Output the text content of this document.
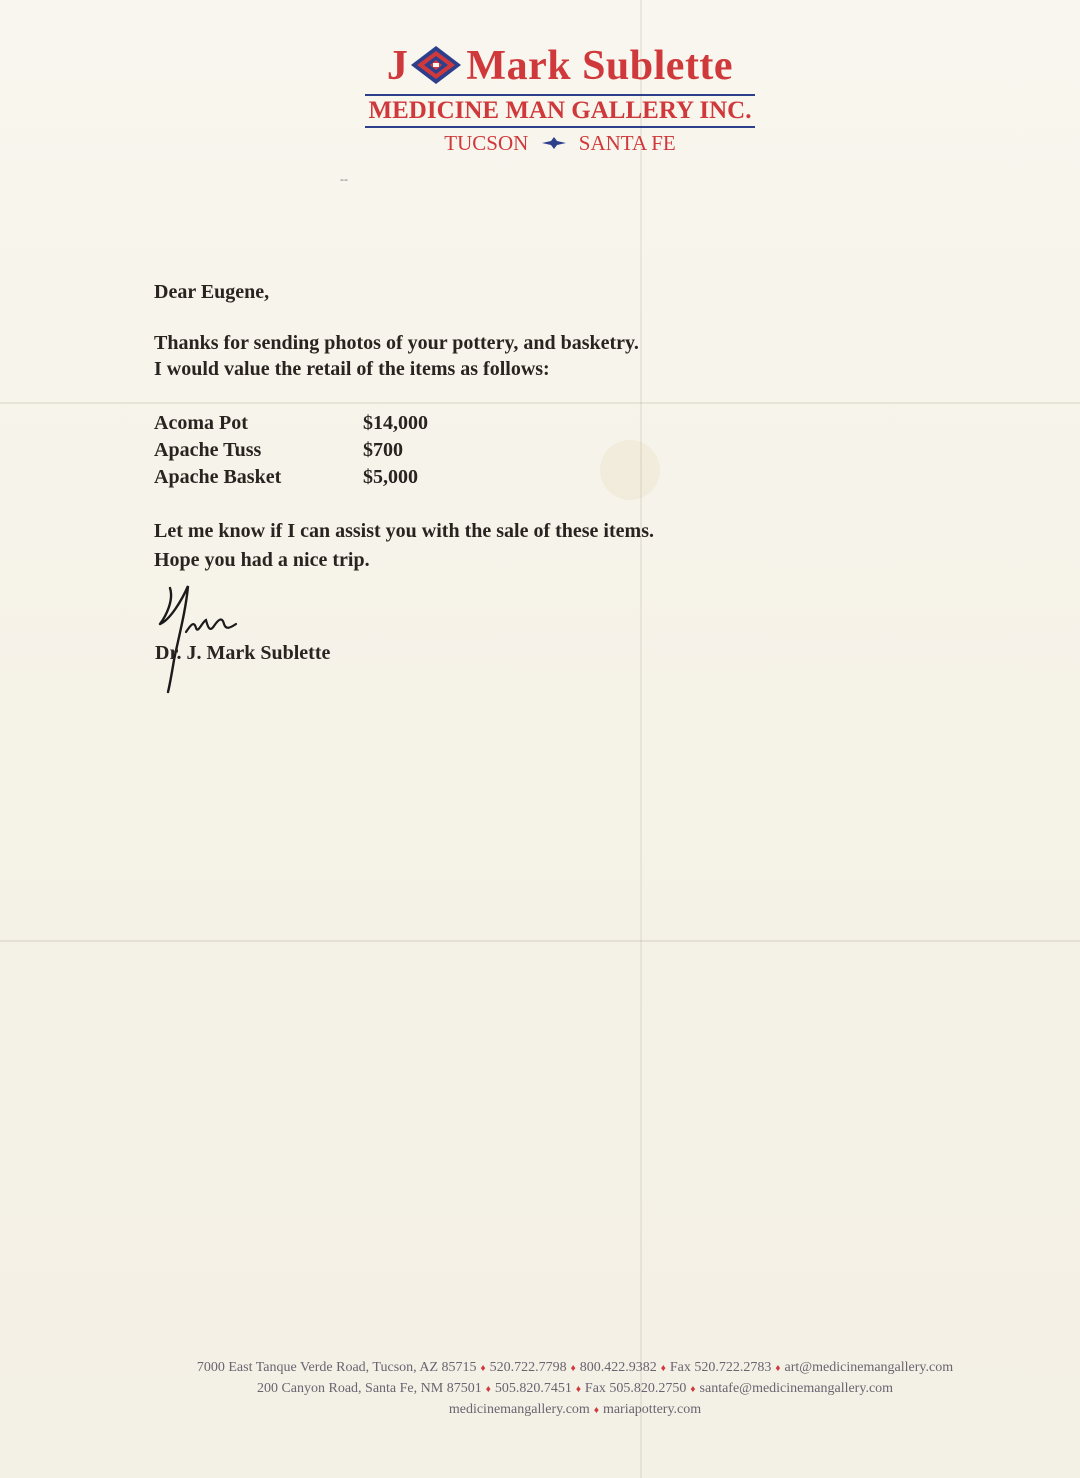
J Mark Sublette
MEDICINE MAN GALLERY INC.
TUCSON SANTA FE
--
Dear Eugene,

Thanks for sending photos of your pottery, and basketry.

I would value the retail of the items as follows:

Acoma Pot	$14,000
Apache Tuss	$700
Apache Basket	$5,000

Let me know if I can assist you with the sale of these items.

Hope you had a nice trip.

Dr. J. Mark Sublette

7000 East Tanque Verde Road, Tucson, AZ 85715 ♦ 520.722.7798 ♦ 800.422.9382 ♦ Fax 520.722.2783 ♦ art@medicinemangallery.com

200 Canyon Road, Santa Fe, NM 87501 ♦ 505.820.7451 ♦ Fax 505.820.2750 ♦ santafe@medicinemangallery.com

medicinemangallery.com ♦ mariapottery.com
